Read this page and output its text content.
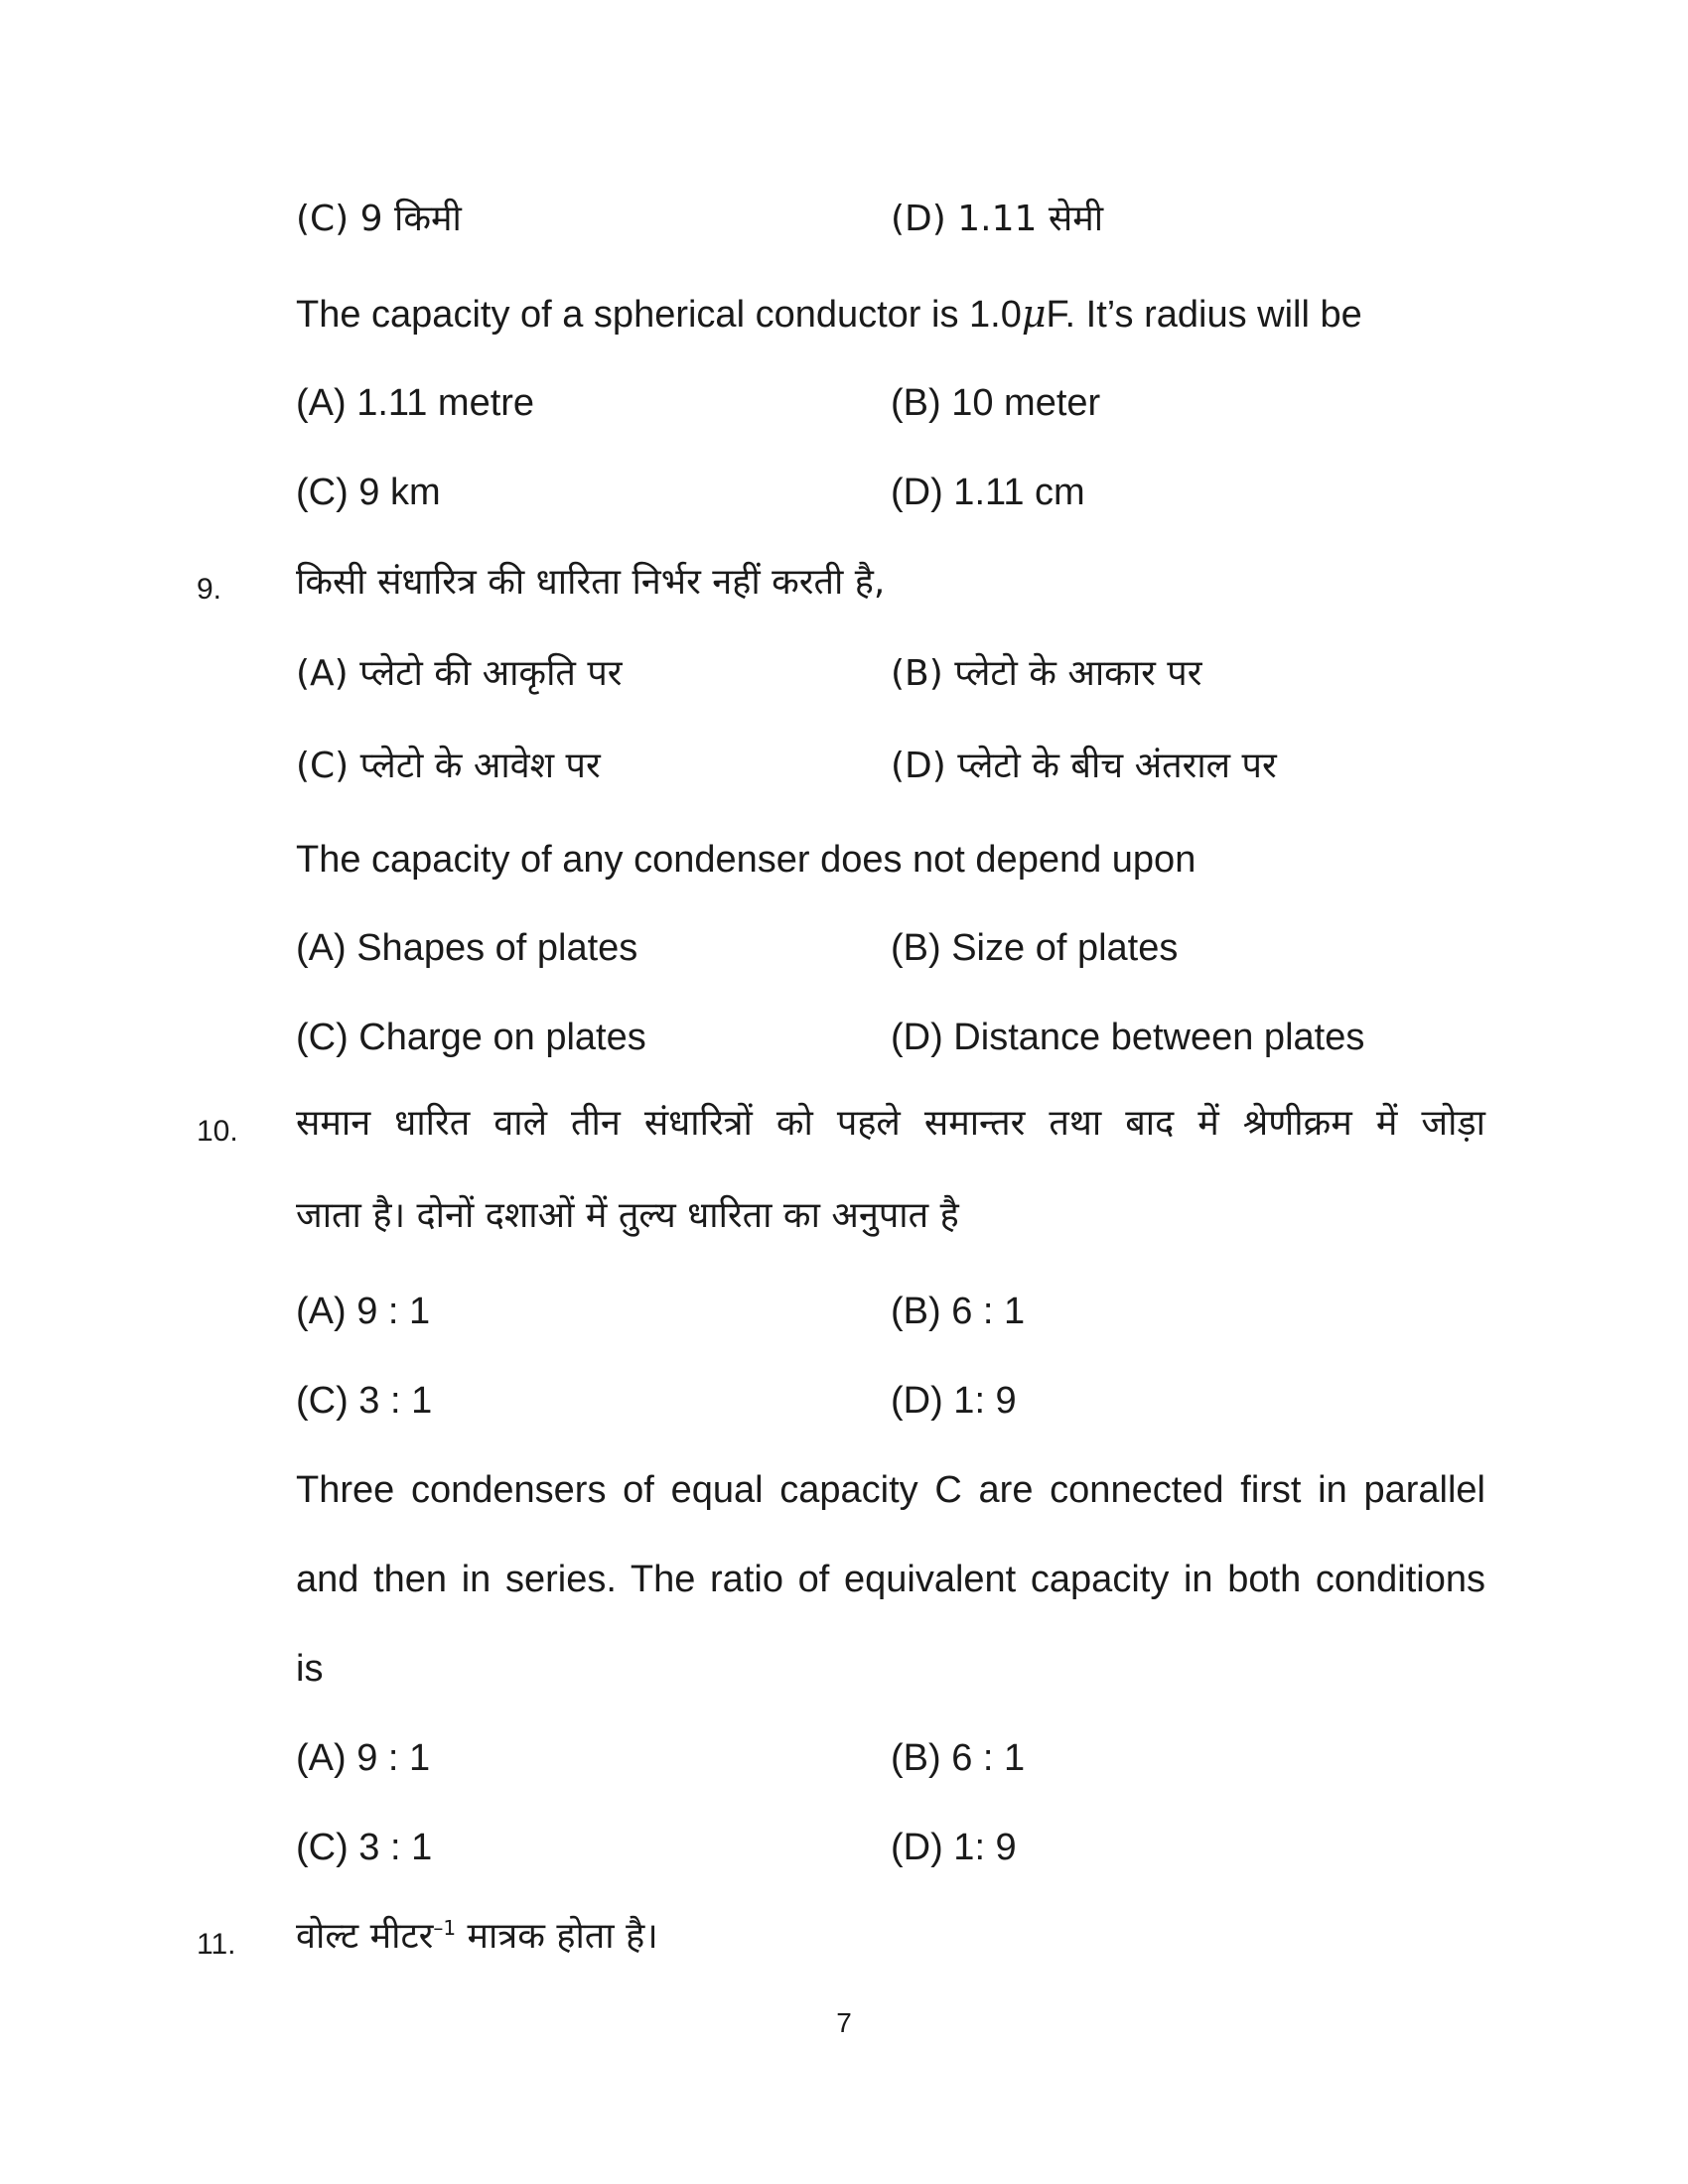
(C) 9 किमी	(D) 1.11 सेमी
The capacity of a spherical conductor is 1.0μF. It’s radius will be
(A) 1.11 metre	(B) 10 meter
(C) 9 km	(D) 1.11 cm
9. किसी संधारित्र की धारिता निर्भर नहीं करती है,
(A) प्लेटो की आकृति पर	(B) प्लेटो के आकार पर
(C) प्लेटो के आवेश पर	(D) प्लेटो के बीच अंतराल पर
The capacity of any condenser does not depend upon
(A) Shapes of plates	(B) Size of plates
(C) Charge on plates	(D) Distance between plates
10. समान धारित वाले तीन संधारित्रों को पहले समान्तर तथा बाद में श्रेणीक्रम में जोड़ा
जाता है। दोनों दशाओं में तुल्य धारिता का अनुपात है
(A) 9 : 1	(B) 6 : 1
(C) 3 : 1	(D) 1: 9
Three condensers of equal capacity C are connected first in parallel
and then in series. The ratio of equivalent capacity in both conditions
is
(A) 9 : 1	(B) 6 : 1
(C) 3 : 1	(D) 1: 9
11. वोल्ट मीटर$^{-1}$ मात्रक होता है।
7
